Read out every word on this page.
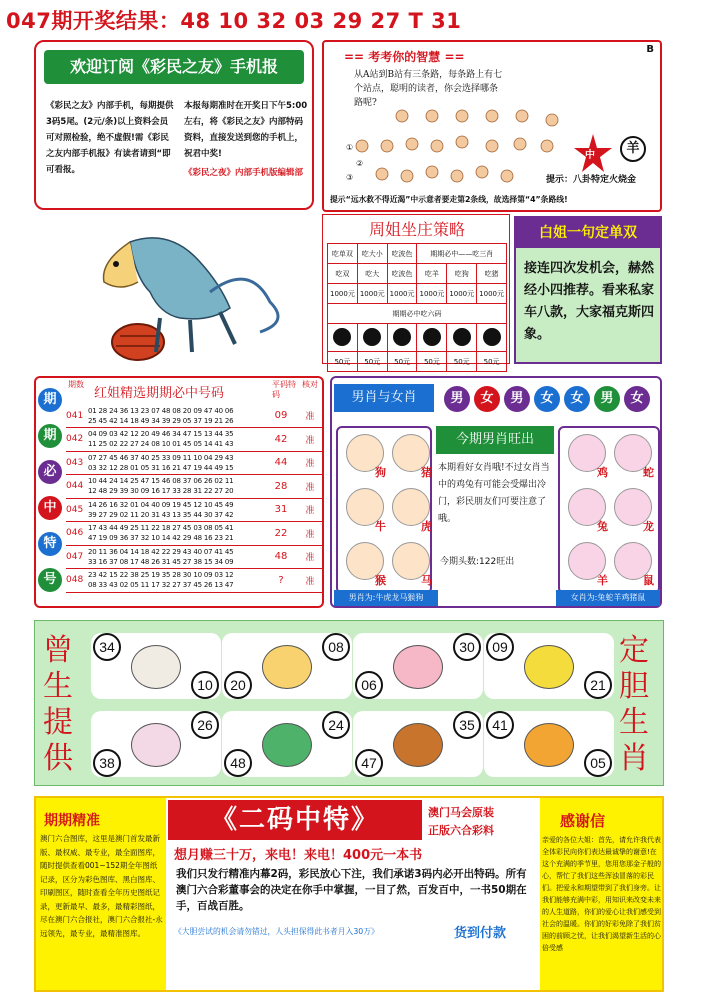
047期开奖结果：48 10 32 03 29 27 T 31
欢迎订阅《彩民之友》手机报
《彩民之友》内部手机，每期提供3码5尾。(2元/条)以上资料会员可对照检验，绝不虚假!需《彩民之友内部手机报》有读者请到“即可看报。
本报每期准时在开奖日下午5:00左右，将《彩民之友》内部特码资料，直接发送到您的手机上，祝君中奖!
《彩民之夜》内部手机版编辑部
== 考考你的智慧 ==
B
从A站到B站有三条路，每条路上有七个站点，聪明的读者，你会选择哪条路呢?
①
③
②
中	羊
提示：八卦特定火烧金
提示“远水救不得近渴”中示意者要走第2条线，故选择第“4”条路线!
周姐坐庄策略
吃单双	吃大小	吃波色	期期必中——吃三肖		
吃双	吃大	吃波色	吃羊	吃狗	吃猪
1000元	1000元	1000元	1000元	1000元	1000元
期期必中吃六码					

50元	50元	50元	50元	50元	50元
白姐一句定单双
接连四次发机会，赫然经小四推荐。看来私家车八款，大家福克斯四象。
期 期 必 中 特 号
期数
红姐精选期期必中号码
平码特码
核对
041	01 28 24 36 13 23 07 48 08 20 09 47 40 06
25 45 42 14 18 49 34 39 29 05 37 19 21 26	09	准
042	04 09 03 42 12 20 49 46 34 47 15 13 44 35
11 25 02 22 27 24 08 10 01 45 05 14 41 43	42	准
043	07 27 45 46 37 40 25 33 09 11 10 04 29 43
03 32 12 28 01 05 31 16 21 47 19 44 49 15	44	准
044	10 44 24 14 25 47 15 46 08 37 06 26 02 11
12 48 29 39 30 09 16 17 33 28 31 22 27 20	28	准
045	14 26 16 32 01 04 40 09 19 45 12 10 45 49
39 27 29 02 11 20 31 43 13 35 44 30 37 42	31	准
046	17 43 44 49 25 11 22 18 27 45 03 08 05 41
47 19 09 36 37 32 10 14 42 29 48 16 23 21	22	准
047	20 11 36 04 14 18 42 22 29 43 40 07 41 45
33 16 37 08 17 48 26 31 45 27 38 15 34 09	48	准
048	23 42 15 22 38 25 19 35 28 30 10 09 03 12
08 33 43 02 05 11 17 32 27 37 45 26 13 47	?	准
男肖与女肖	男 女 男 女 女 男 女
狗	猪
牛	虎
猴	马
今期男肖旺出
本期看好女肖哦!不过女肖当中的鸡兔有可能会受爆出冷门，彩民朋友们可要注意了哦。
今期头数:122旺出
鸡	蛇
兔	龙
羊	鼠
男肖为:牛虎龙马猴狗	女肖为:兔蛇羊鸡猪鼠
曾生提供
定胆生肖
34
10
08
20
30
06
09
21
26
38
24
48
35
47
41
05
期期精准
澳门六合图库，这里是澳门首发最新版、最权威、最专业，最全面图库，随时提供查看001~152期全年图纸记录，区分为彩色图库、黑白图库、印刷图区，随时查看全年历史图纸记录，更新最早、最多，最精彩图纸，尽在澳门六合报社，澳门六合报社-永远领先，最专业，最精准图库。
《二码中特》	澳门马会原装
正版六合彩料
想月赚三十万，来电！来电！400元一本书
我们只发行精准内幕2码，彩民放心下注，我们承诺3码内必开出特码。所有澳门六合彩董事会的决定在你手中掌握，一目了然，百发百中，一书50期在手，百战百胜。
《大胆尝试的机会请勿错过，人头担保得此书者月入30万》	货到付款
感谢信
亲爱的各位大姐：首先，请允许我代表全体彩民向你们表达最诚挚的谢意!在这个充满的季节里，您用您那金子般的心，帮忙了我们这些浑浊冒落的彩民们。把爱永和期望带到了我们身旁。让我们能够充满中彩，用知识来改变未来的人生道路，你们的爱心让我们感受到社会的温暖。你们的好彩免除了我们贫困的前顾之忧，让我们渴望新生活的心倍受感
